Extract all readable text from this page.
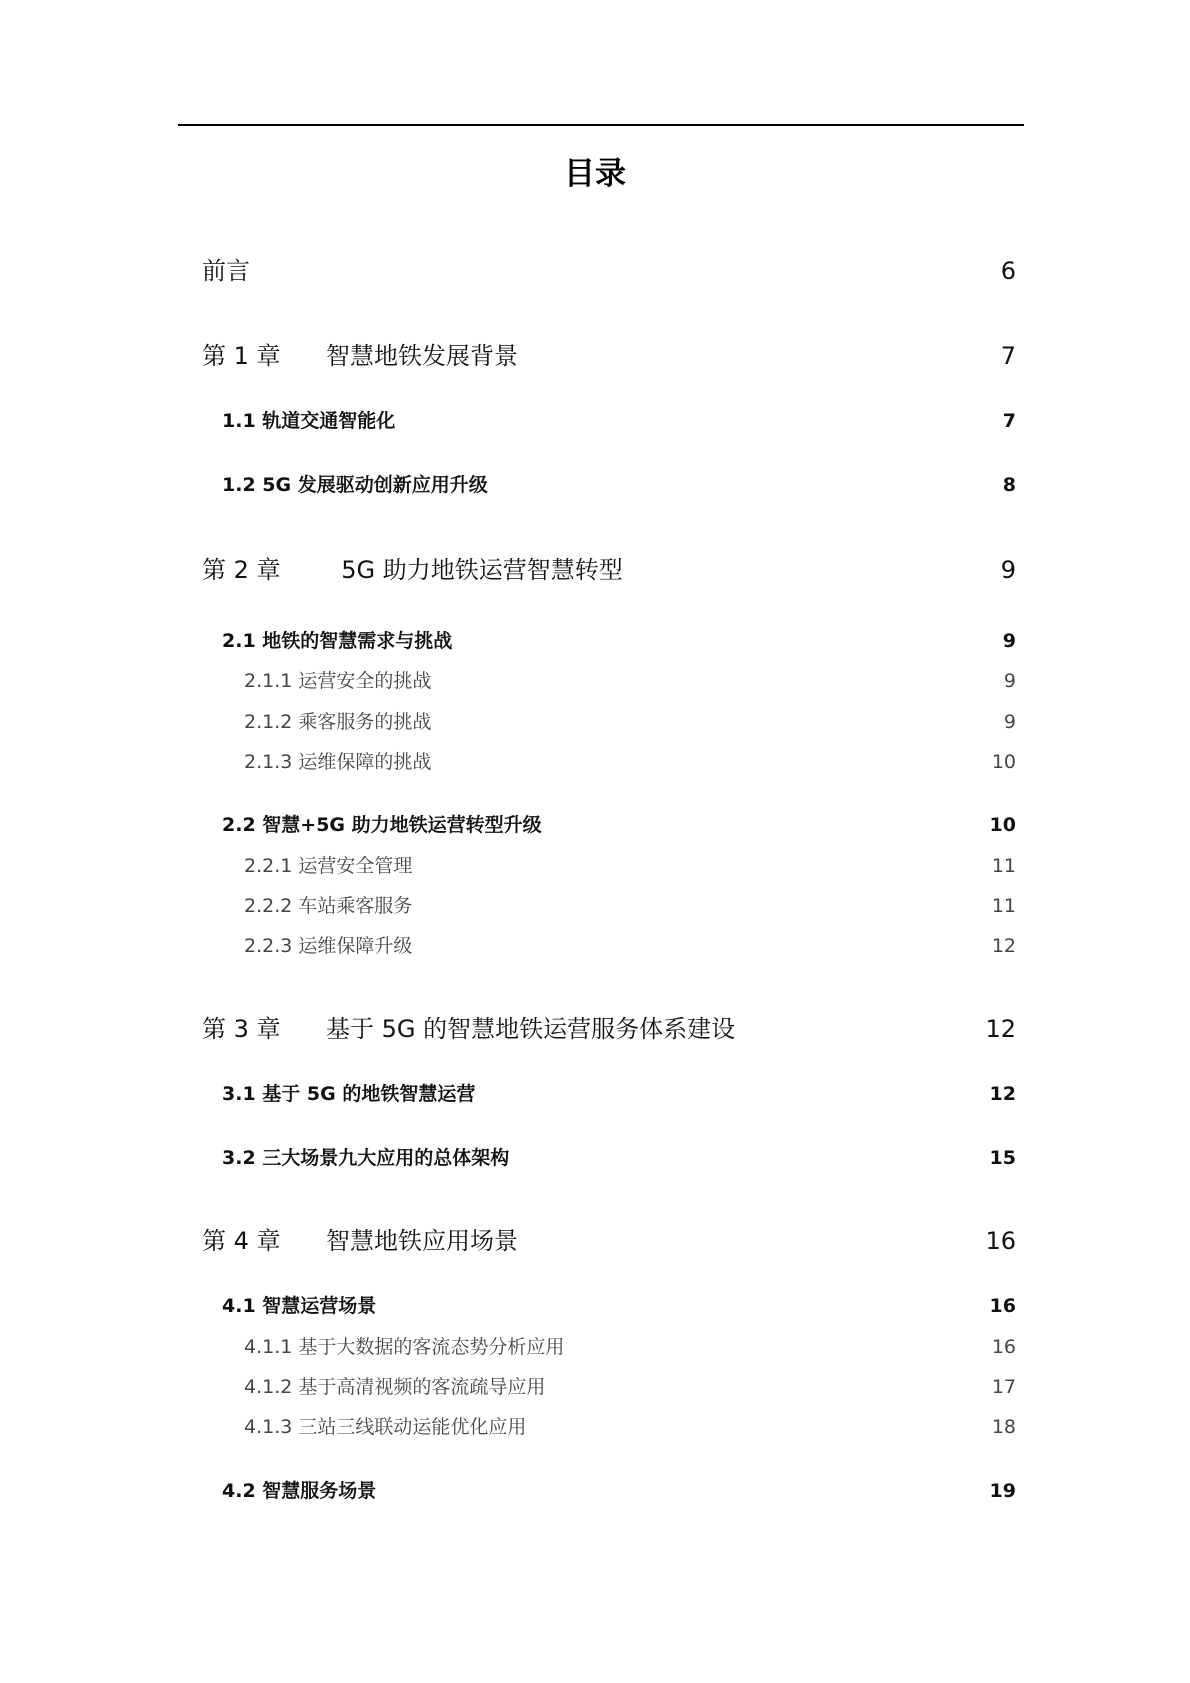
目录
前言	6
第 1 章	智慧地铁发展背景	7
1.1 轨道交通智能化	7
1.2 5G 发展驱动创新应用升级	8
第 2 章	5G 助力地铁运营智慧转型	9
2.1 地铁的智慧需求与挑战	9
2.1.1 运营安全的挑战	9
2.1.2 乘客服务的挑战	9
2.1.3 运维保障的挑战	10
2.2 智慧+5G 助力地铁运营转型升级	10
2.2.1 运营安全管理	11
2.2.2 车站乘客服务	11
2.2.3 运维保障升级	12
第 3 章	基于 5G 的智慧地铁运营服务体系建设	12
3.1 基于 5G 的地铁智慧运营	12
3.2 三大场景九大应用的总体架构	15
第 4 章	智慧地铁应用场景	16
4.1 智慧运营场景	16
4.1.1 基于大数据的客流态势分析应用	16
4.1.2 基于高清视频的客流疏导应用	17
4.1.3 三站三线联动运能优化应用	18
4.2 智慧服务场景	19
